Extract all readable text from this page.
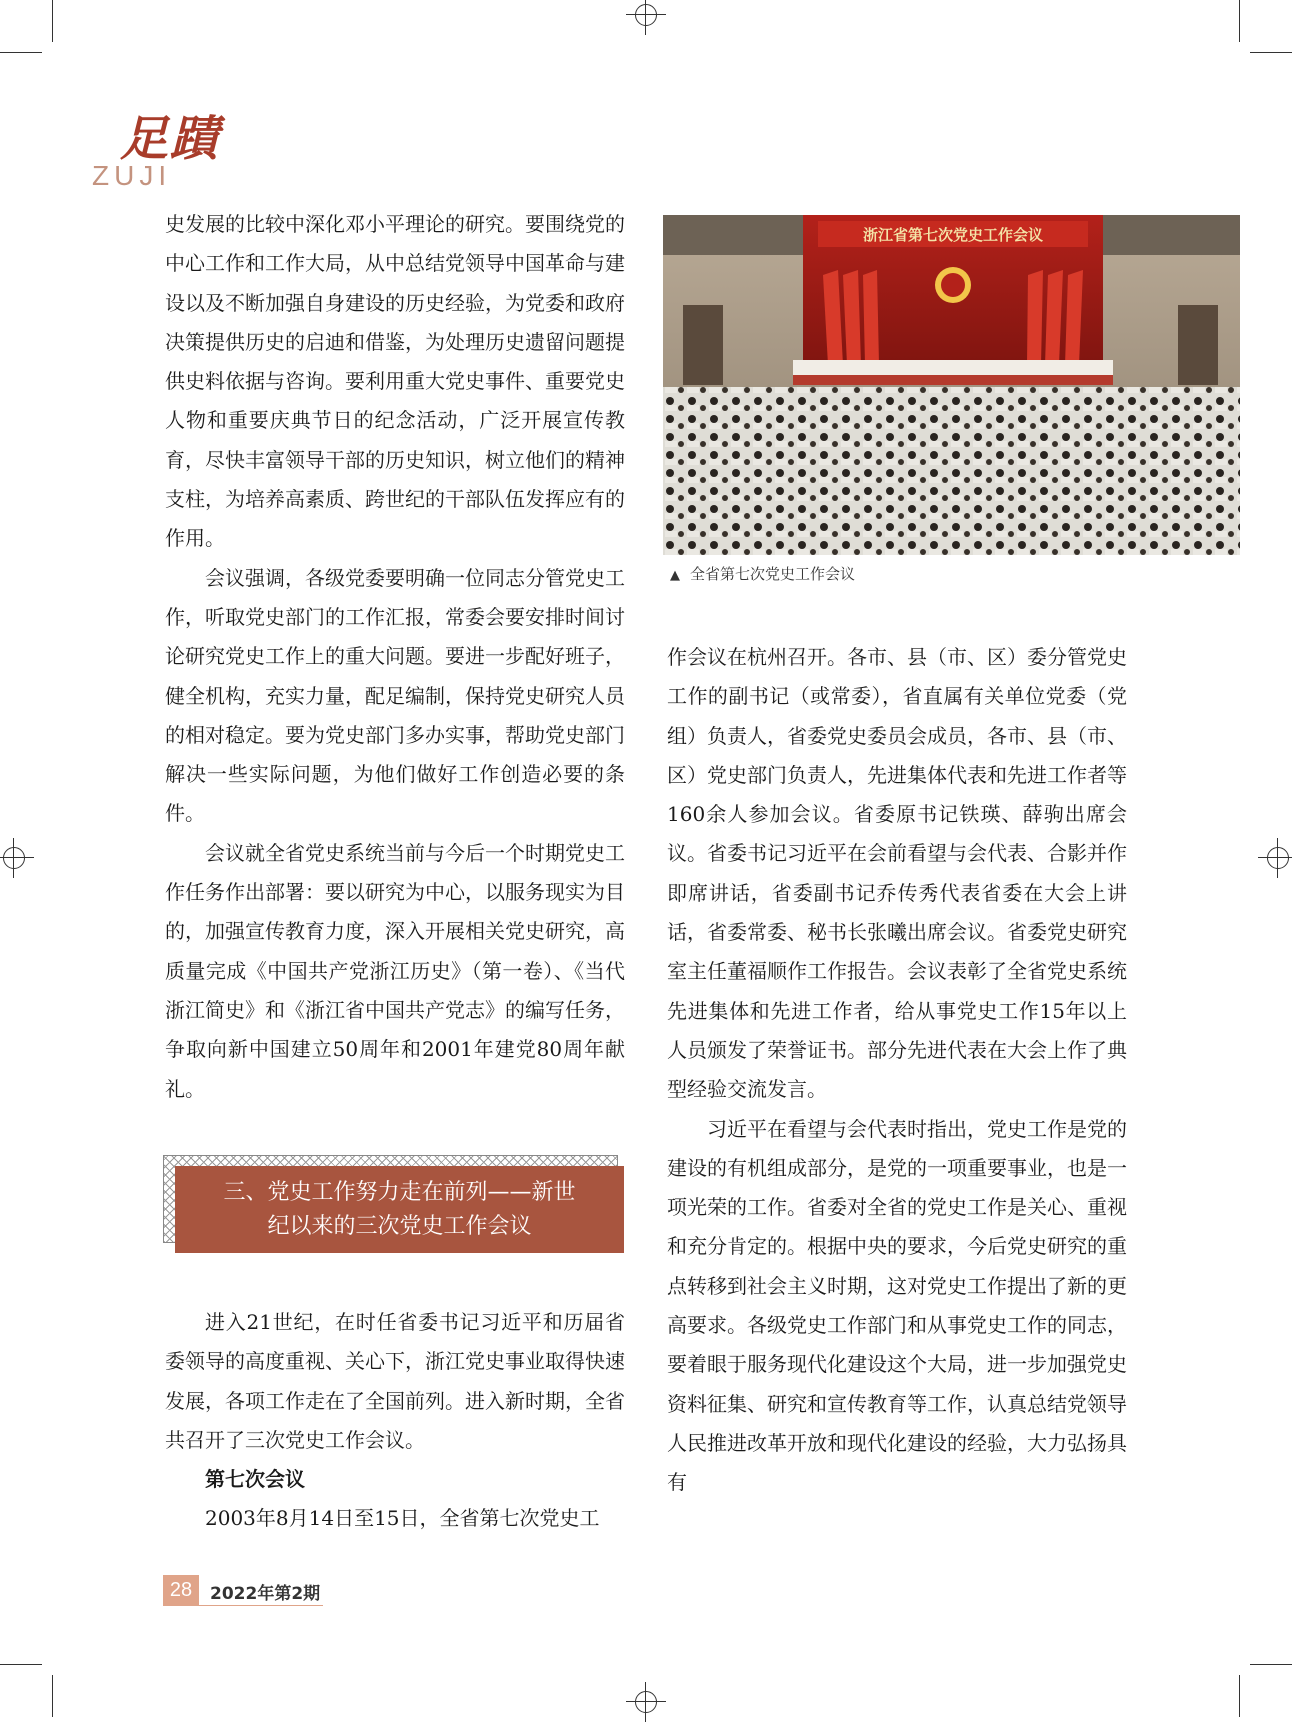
足蹟
ZUJI

史发展的比较中深化邓小平理论的研究。要围绕党的中心工作和工作大局，从中总结党领导中国革命与建设以及不断加强自身建设的历史经验，为党委和政府决策提供历史的启迪和借鉴，为处理历史遗留问题提供史料依据与咨询。要利用重大党史事件、重要党史人物和重要庆典节日的纪念活动，广泛开展宣传教育，尽快丰富领导干部的历史知识，树立他们的精神支柱，为培养高素质、跨世纪的干部队伍发挥应有的作用。

会议强调，各级党委要明确一位同志分管党史工作，听取党史部门的工作汇报，常委会要安排时间讨论研究党史工作上的重大问题。要进一步配好班子，健全机构，充实力量，配足编制，保持党史研究人员的相对稳定。要为党史部门多办实事，帮助党史部门解决一些实际问题，为他们做好工作创造必要的条件。

会议就全省党史系统当前与今后一个时期党史工作任务作出部署：要以研究为中心，以服务现实为目的，加强宣传教育力度，深入开展相关党史研究，高质量完成《中国共产党浙江历史》（第一卷）、《当代浙江简史》和《浙江省中国共产党志》的编写任务，争取向新中国建立50周年和2001年建党80周年献礼。

三、党史工作努力走在前列——新世
纪以来的三次党史工作会议

进入21世纪，在时任省委书记习近平和历届省委领导的高度重视、关心下，浙江党史事业取得快速发展，各项工作走在了全国前列。进入新时期，全省共召开了三次党史工作会议。

第七次会议

2003年8月14日至15日，全省第七次党史工

浙江省第七次党史工作会议
▲ 全省第七次党史工作会议

作会议在杭州召开。各市、县（市、区）委分管党史工作的副书记（或常委），省直属有关单位党委（党组）负责人，省委党史委员会成员，各市、县（市、区）党史部门负责人，先进集体代表和先进工作者等160余人参加会议。省委原书记铁瑛、薛驹出席会议。省委书记习近平在会前看望与会代表、合影并作即席讲话，省委副书记乔传秀代表省委在大会上讲话，省委常委、秘书长张曦出席会议。省委党史研究室主任董福顺作工作报告。会议表彰了全省党史系统先进集体和先进工作者，给从事党史工作15年以上人员颁发了荣誉证书。部分先进代表在大会上作了典型经验交流发言。

习近平在看望与会代表时指出，党史工作是党的建设的有机组成部分，是党的一项重要事业，也是一项光荣的工作。省委对全省的党史工作是关心、重视和充分肯定的。根据中央的要求，今后党史研究的重点转移到社会主义时期，这对党史工作提出了新的更高要求。各级党史工作部门和从事党史工作的同志，要着眼于服务现代化建设这个大局，进一步加强党史资料征集、研究和宣传教育等工作，认真总结党领导人民推进改革开放和现代化建设的经验，大力弘扬具有

28	2022年第2期
